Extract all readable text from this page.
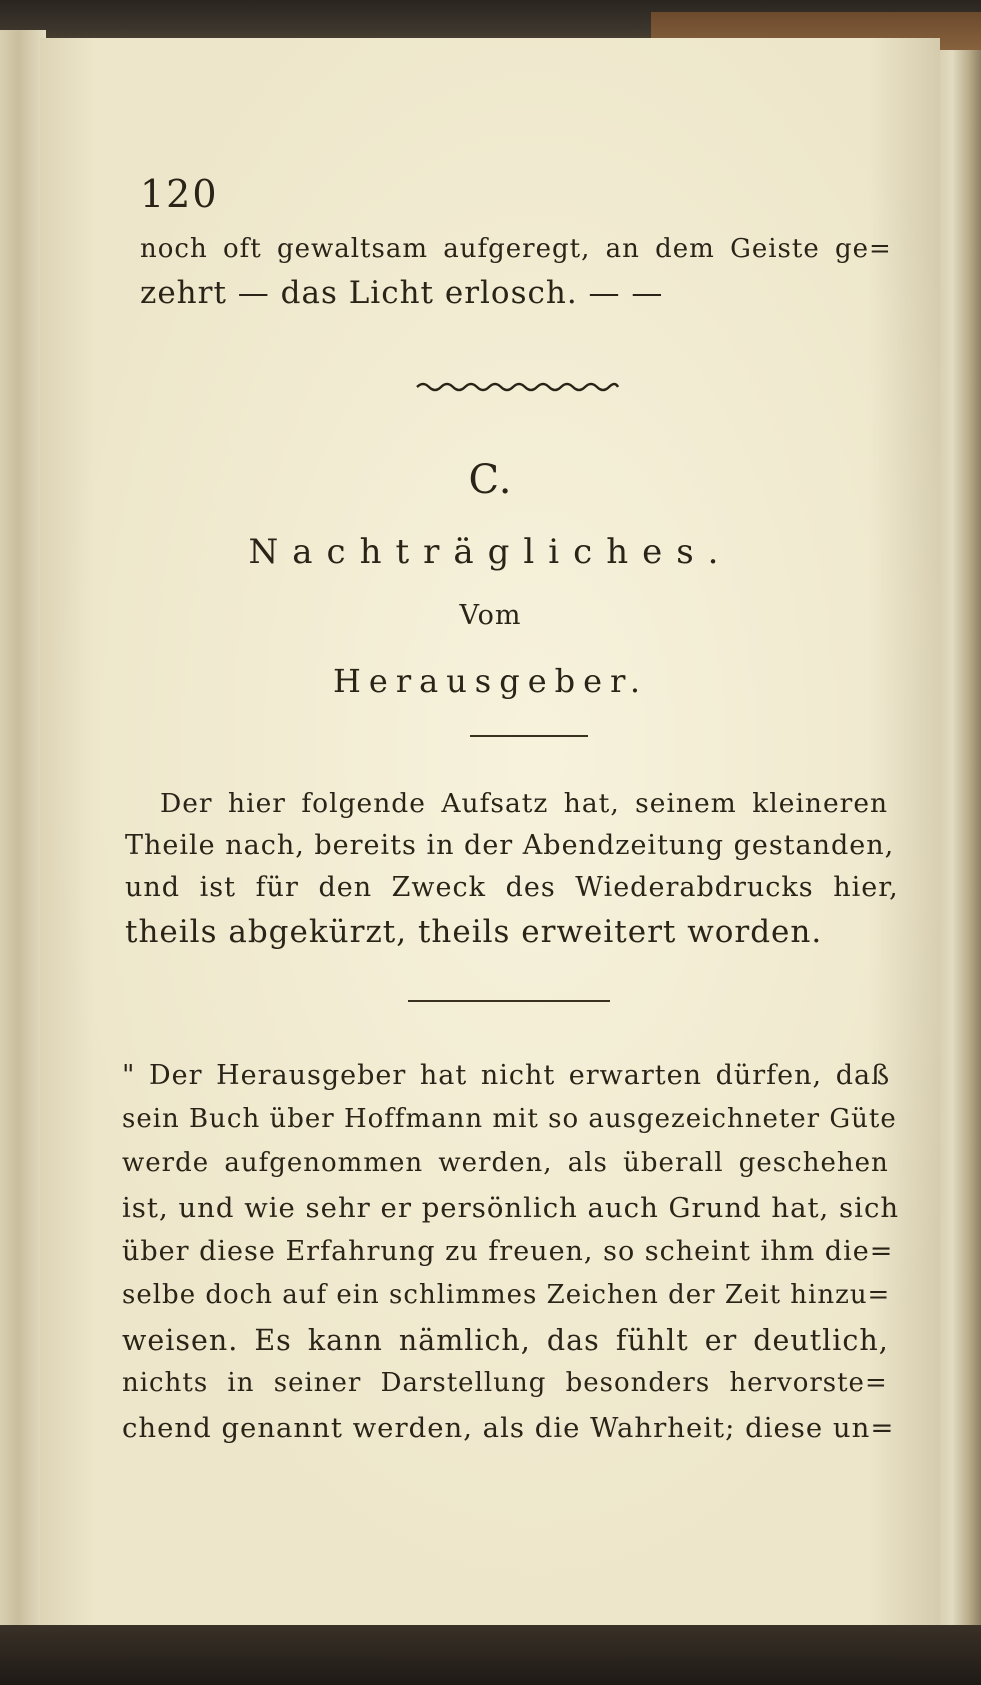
120
noch oft gewaltsam aufgeregt, an dem Geiste ge=
zehrt — das Licht erlosch. — —
C.
Nachträgliches.
Vom
Herausgeber.
Der hier folgende Aufsatz hat, seinem kleineren
Theile nach, bereits in der Abendzeitung gestanden,
und ist für den Zweck des Wiederabdrucks hier,
theils abgekürzt, theils erweitert worden.
" Der Herausgeber hat nicht erwarten dürfen, daß
sein Buch über Hoffmann mit so ausgezeichneter Güte
werde aufgenommen werden, als überall geschehen
ist, und wie sehr er persönlich auch Grund hat, sich
über diese Erfahrung zu freuen, so scheint ihm die=
selbe doch auf ein schlimmes Zeichen der Zeit hinzu=
weisen. Es kann nämlich, das fühlt er deutlich,
nichts in seiner Darstellung besonders hervorste=
chend genannt werden, als die Wahrheit; diese un=
